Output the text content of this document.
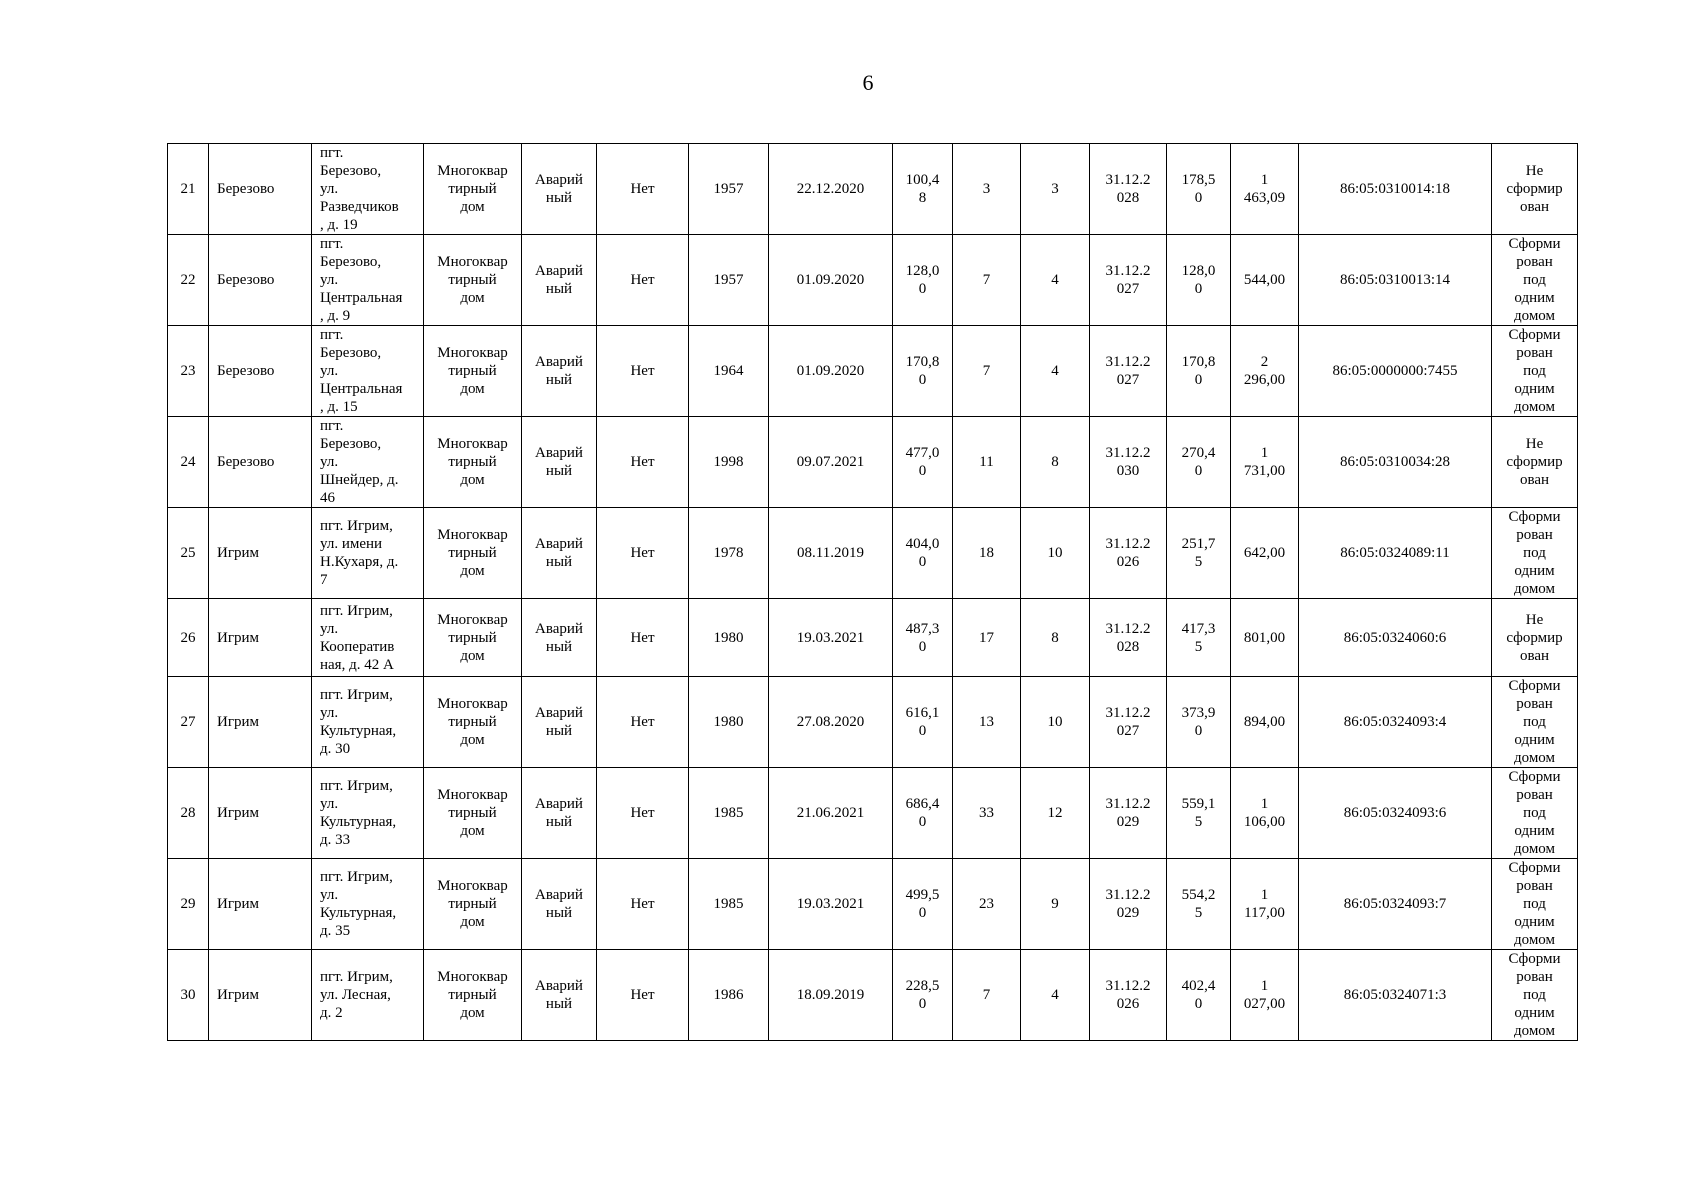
6
21	Березово	пгт.
Березово,
ул.
Разведчиков
, д. 19	Многоквар
тирный
дом	Аварий
ный	Нет	1957	22.12.2020	100,4
8	3	3	31.12.2
028	178,5
0	1
463,09	86:05:0310014:18	Не
сформир
ован
22	Березово	пгт.
Березово,
ул.
Центральная
, д. 9	Многоквар
тирный
дом	Аварий
ный	Нет	1957	01.09.2020	128,0
0	7	4	31.12.2
027	128,0
0	544,00	86:05:0310013:14	Сформи
рован
под
одним
домом
23	Березово	пгт.
Березово,
ул.
Центральная
, д. 15	Многоквар
тирный
дом	Аварий
ный	Нет	1964	01.09.2020	170,8
0	7	4	31.12.2
027	170,8
0	2
296,00	86:05:0000000:7455	Сформи
рован
под
одним
домом
24	Березово	пгт.
Березово,
ул.
Шнейдер, д.
46	Многоквар
тирный
дом	Аварий
ный	Нет	1998	09.07.2021	477,0
0	11	8	31.12.2
030	270,4
0	1
731,00	86:05:0310034:28	Не
сформир
ован
25	Игрим	пгт. Игрим,
ул. имени
Н.Кухаря, д.
7	Многоквар
тирный
дом	Аварий
ный	Нет	1978	08.11.2019	404,0
0	18	10	31.12.2
026	251,7
5	642,00	86:05:0324089:11	Сформи
рован
под
одним
домом
26	Игрим	пгт. Игрим,
ул.
Кооператив
ная, д. 42 А	Многоквар
тирный
дом	Аварий
ный	Нет	1980	19.03.2021	487,3
0	17	8	31.12.2
028	417,3
5	801,00	86:05:0324060:6	Не
сформир
ован
27	Игрим	пгт. Игрим,
ул.
Культурная,
д. 30	Многоквар
тирный
дом	Аварий
ный	Нет	1980	27.08.2020	616,1
0	13	10	31.12.2
027	373,9
0	894,00	86:05:0324093:4	Сформи
рован
под
одним
домом
28	Игрим	пгт. Игрим,
ул.
Культурная,
д. 33	Многоквар
тирный
дом	Аварий
ный	Нет	1985	21.06.2021	686,4
0	33	12	31.12.2
029	559,1
5	1
106,00	86:05:0324093:6	Сформи
рован
под
одним
домом
29	Игрим	пгт. Игрим,
ул.
Культурная,
д. 35	Многоквар
тирный
дом	Аварий
ный	Нет	1985	19.03.2021	499,5
0	23	9	31.12.2
029	554,2
5	1
117,00	86:05:0324093:7	Сформи
рован
под
одним
домом
30	Игрим	пгт. Игрим,
ул. Лесная,
д. 2	Многоквар
тирный
дом	Аварий
ный	Нет	1986	18.09.2019	228,5
0	7	4	31.12.2
026	402,4
0	1
027,00	86:05:0324071:3	Сформи
рован
под
одним
домом
